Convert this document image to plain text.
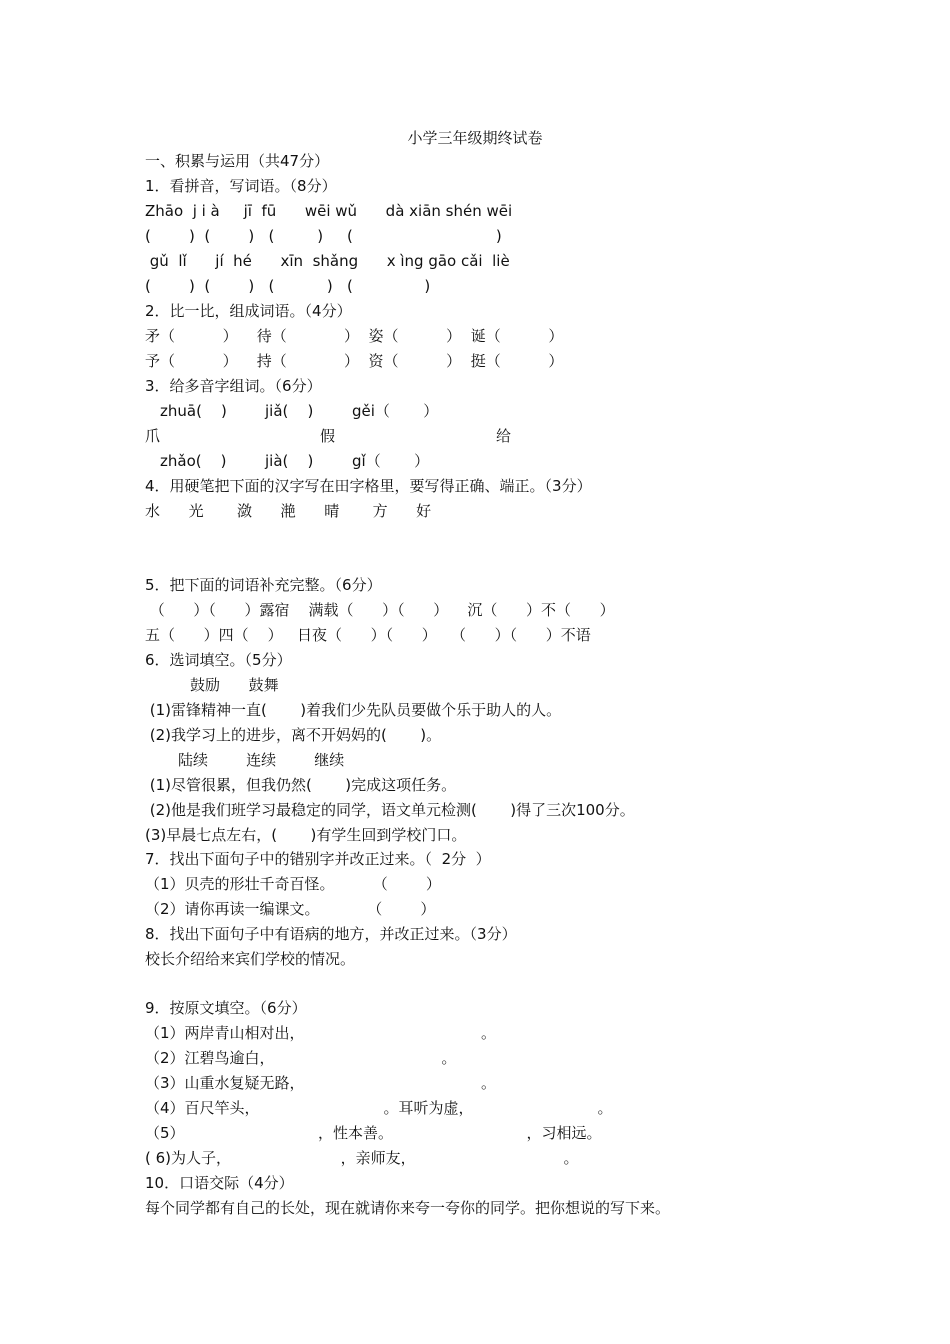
小学三年级期终试卷
一、积累与运用（共47分）
1．看拼音，写词语。（8分）
Zhāo  j i à     jī  fū      wēi wǔ      dà xiān shén wēi
(        )  (        )   (         )     (                              )
gǔ  lǐ      jí  hé      xīn  shǎng      x ìng gāo cǎi  liè
(        )  (        )   (           )   (               )
2．比一比，组成词语。（4分）
矛（          ）    待（            ）  姿（          ）  诞（          ）
予（          ）    持（            ）  资（          ）  挺（          ）
3．给多音字组词。（6分）
zhuā(    )	jiǎ(    )	gěi（       ）
爪	假	给
zhǎo(    )	jià(    )	gǐ（       ）
4．用硬笔把下面的汉字写在田字格里，要写得正确、端正。（3分）
水      光       潋      滟      晴       方      好
5．把下面的词语补充完整。（6分）
（      ）（      ）露宿    满载（      ）（      ）    沉（      ）不（      ）
五（      ）四（    ）   日夜（      ）（      ）   （      ）（      ）不语
6．选词填空。（5分）
鼓励      鼓舞
(1)雷锋精神一直(       )着我们少先队员要做个乐于助人的人。
(2)我学习上的进步，离不开妈妈的(       )。
陆续        连续        继续
(1)尽管很累，但我仍然(       )完成这项任务。
(2)他是我们班学习最稳定的同学，语文单元检测(       )得了三次100分。
(3)早晨七点左右，(       )有学生回到学校门口。
7．找出下面句子中的错别字并改正过来。（  2分  ）
（1）贝壳的形壮千奇百怪。        （        ）
（2）请你再读一编课文。          （        ）
8．找出下面句子中有语病的地方，并改正过来。（3分）
校长介绍给来宾们学校的情况。
9．按原文填空。（6分）
（1）两岸青山相对出，                                     。
（2）江碧鸟逾白，                                   。
（3）山重水复疑无路，                                     。
（4）百尺竿头，                          。耳听为虚，                          。
（5）                            ，性本善。                            ，习相远。
( 6)为人子，                       ，亲师友，                               。
10．口语交际（4分）
每个同学都有自己的长处，现在就请你来夸一夸你的同学。把你想说的写下来。
